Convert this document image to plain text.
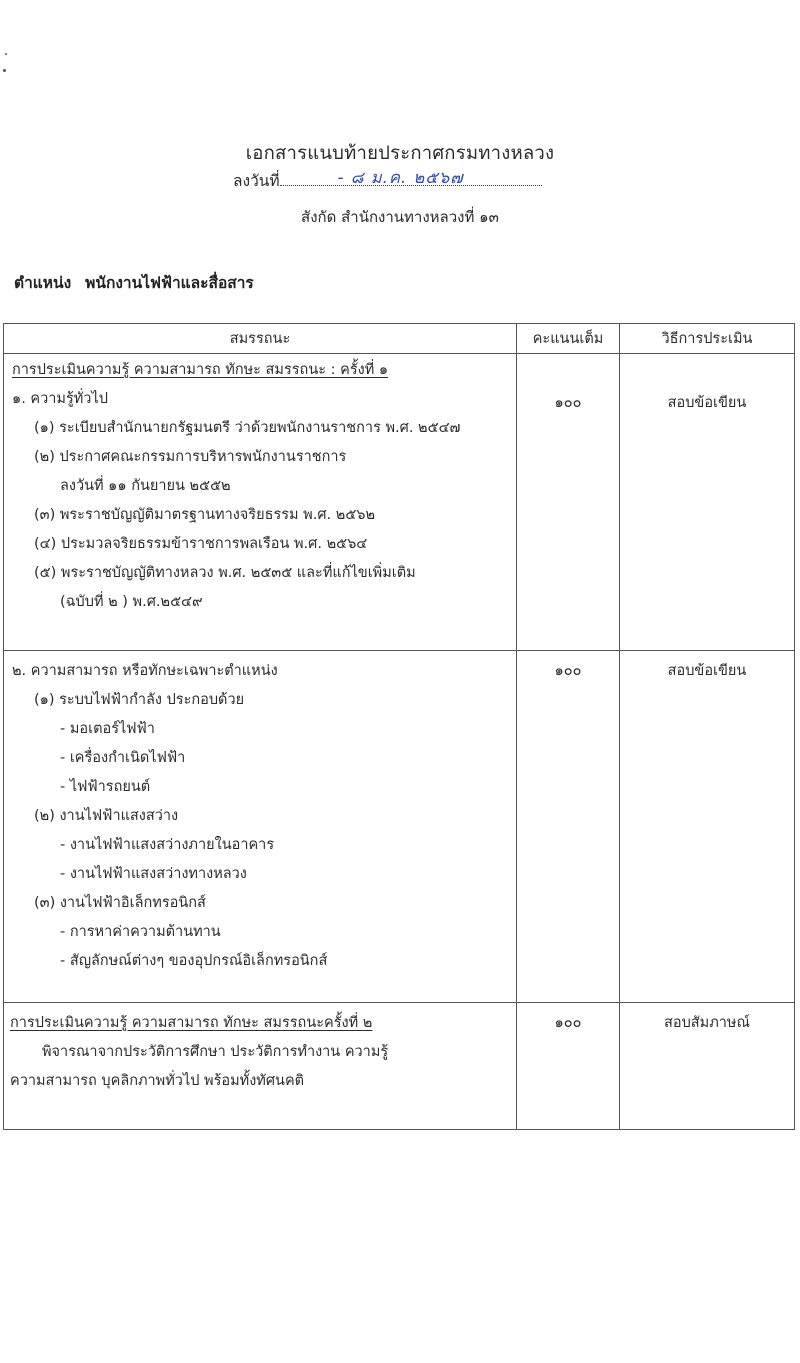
เอกสารแนบท้ายประกาศกรมทางหลวง
ลงวันที่	- ๘ ม.ค. ๒๕๖๗
สังกัด สำนักงานทางหลวงที่ ๑๓
ตำแหน่ง พนักงานไฟฟ้าและสื่อสาร
สมรรถนะ	คะแนนเต็ม	วิธีการประเมิน

การประเมินความรู้ ความสามารถ ทักษะ สมรรถนะ : ครั้งที่ ๑
๑. ความรู้ทั่วไป
(๑) ระเบียบสำนักนายกรัฐมนตรี ว่าด้วยพนักงานราชการ พ.ศ. ๒๕๔๗
(๒) ประกาศคณะกรรมการบริหารพนักงานราชการ
ลงวันที่ ๑๑ กันยายน ๒๕๕๒
(๓) พระราชบัญญัติมาตรฐานทางจริยธรรม พ.ศ. ๒๕๖๒
(๔) ประมวลจริยธรรมข้าราชการพลเรือน พ.ศ. ๒๕๖๔
(๕) พระราชบัญญัติทางหลวง พ.ศ. ๒๕๓๕ และที่แก้ไขเพิ่มเติม
(ฉบับที่ ๒ ) พ.ศ.๒๕๔๙

๑๐๐	สอบข้อเขียน

๒. ความสามารถ หรือทักษะเฉพาะตำแหน่ง
(๑) ระบบไฟฟ้ากำลัง ประกอบด้วย
- มอเตอร์ไฟฟ้า
- เครื่องกำเนิดไฟฟ้า
- ไฟฟ้ารถยนต์
(๒) งานไฟฟ้าแสงสว่าง
- งานไฟฟ้าแสงสว่างภายในอาคาร
- งานไฟฟ้าแสงสว่างทางหลวง
(๓) งานไฟฟ้าอิเล็กทรอนิกส์
- การหาค่าความต้านทาน
- สัญลักษณ์ต่างๆ ของอุปกรณ์อิเล็กทรอนิกส์

๑๐๐	สอบข้อเขียน

การประเมินความรู้ ความสามารถ ทักษะ สมรรถนะครั้งที่ ๒
พิจารณาจากประวัติการศึกษา ประวัติการทำงาน ความรู้
ความสามารถ บุคลิกภาพทั่วไป พร้อมทั้งทัศนคติ	๑๐๐	สอบสัมภาษณ์
